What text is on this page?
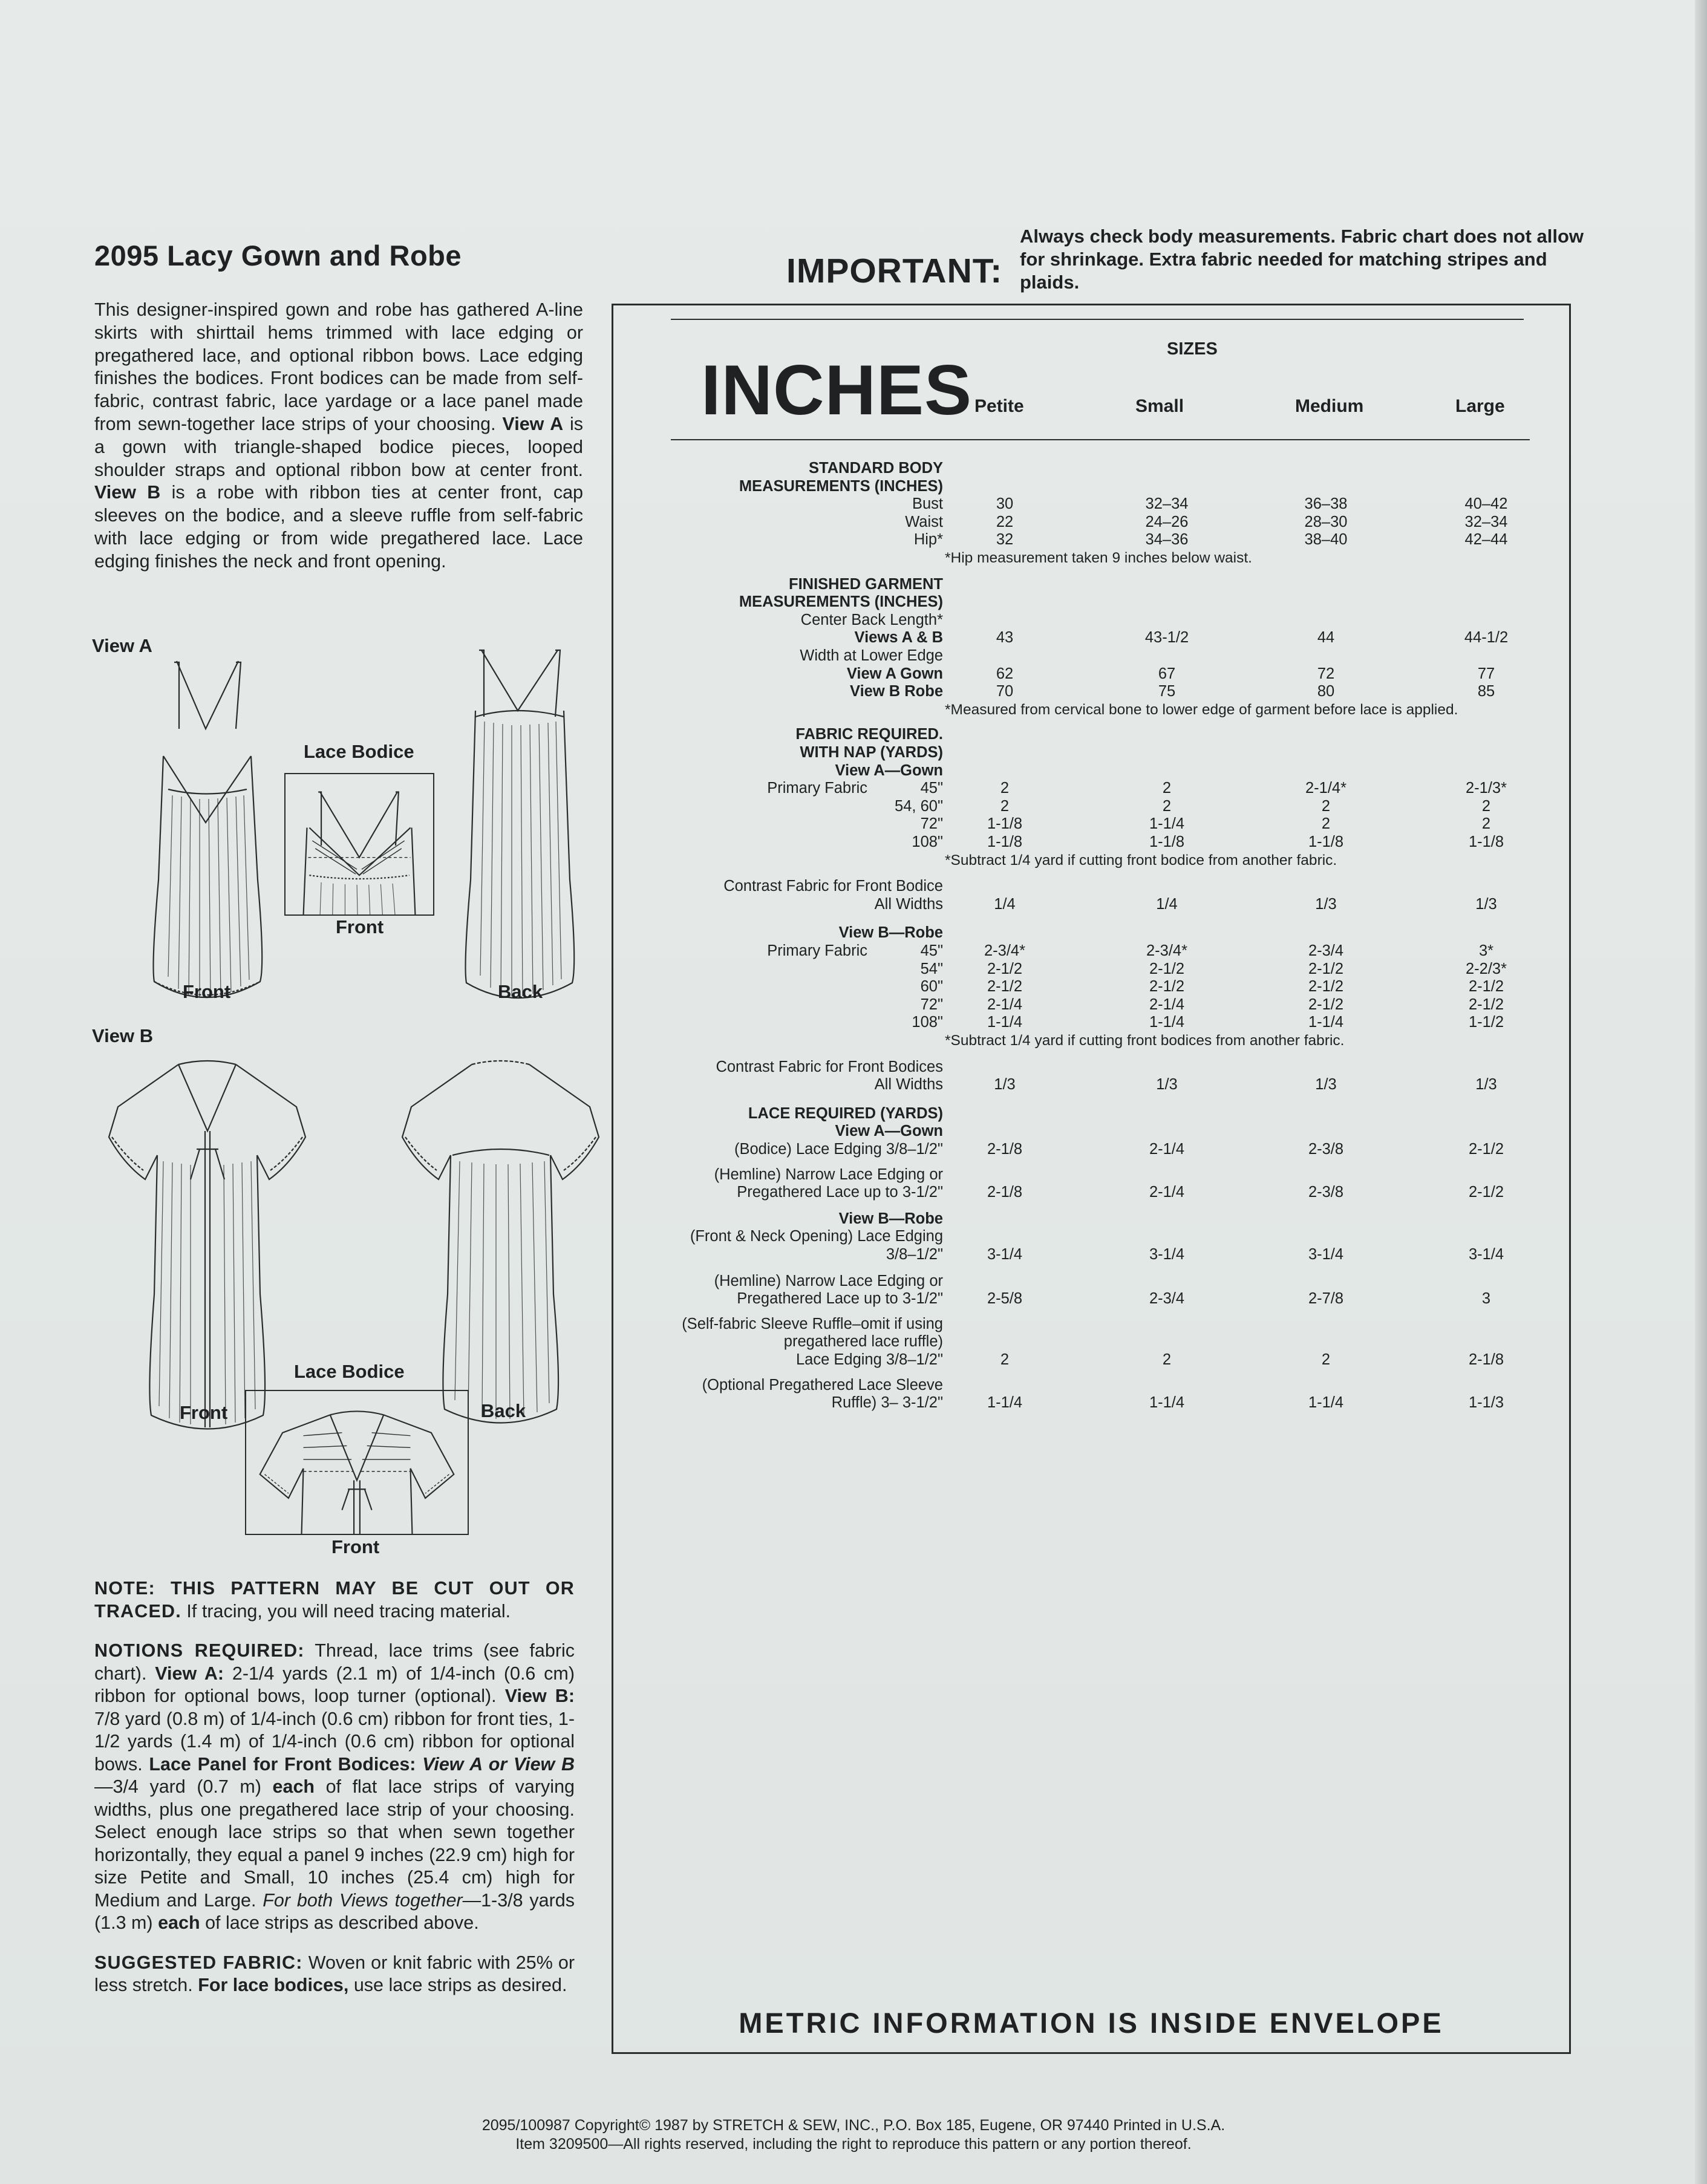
2095 Lacy Gown and Robe
This designer-inspired gown and robe has gathered A-line skirts with shirttail hems trimmed with lace edging or pregathered lace, and optional ribbon bows. Lace edging finishes the bodices. Front bodices can be made from self-fabric, contrast fabric, lace yardage or a lace panel made from sewn-together lace strips of your choosing. View A is a gown with triangle-shaped bodice pieces, looped shoulder straps and optional ribbon bow at center front. View B is a robe with ribbon ties at center front, cap sleeves on the bodice, and a sleeve ruffle from self-fabric with lace edging or from wide pregathered lace. Lace edging finishes the neck and front opening.
View A
Front
Lace Bodice
Front
Back
View B
Front	Back
Lace Bodice
Front

NOTE: THIS PATTERN MAY BE CUT OUT OR TRACED. If tracing, you will need tracing material.

NOTIONS REQUIRED: Thread, lace trims (see fabric chart). View A: 2-1/4 yards (2.1 m) of 1/4-inch (0.6 cm) ribbon for optional bows, loop turner (optional). View B: 7/8 yard (0.8 m) of 1/4-inch (0.6 cm) ribbon for front ties, 1-1/2 yards (1.4 m) of 1/4-inch (0.6 cm) ribbon for optional bows. Lace Panel for Front Bodices: View A or View B—3/4 yard (0.7 m) each of flat lace strips of varying widths, plus one pregathered lace strip of your choosing. Select enough lace strips so that when sewn together horizontally, they equal a panel 9 inches (22.9 cm) high for size Petite and Small, 10 inches (25.4 cm) high for Medium and Large. For both Views together—1-3/8 yards (1.3 m) each of lace strips as described above.

SUGGESTED FABRIC: Woven or knit fabric with 25% or less stretch. For lace bodices, use lace strips as desired.

IMPORTANT:
Always check body measurements. Fabric chart does not allow for shrinkage. Extra fabric needed for matching stripes and plaids.
INCHES
SIZES
Petite	Small	Medium	Large
STANDARD BODY
MEASUREMENTS (INCHES)
Bust	30	32–34	36–38	40–42
Waist	22	24–26	28–30	32–34
Hip*	32	34–36	38–40	42–44
*Hip measurement taken 9 inches below waist.
FINISHED GARMENT
MEASUREMENTS (INCHES)
Center Back Length*
Views A & B	43	43-1/2	44	44-1/2
Width at Lower Edge
View A Gown	62	67	72	77
View B Robe	70	75	80	85
*Measured from cervical bone to lower edge of garment before lace is applied.
FABRIC REQUIRED.
WITH NAP (YARDS)
View A—Gown
Primary Fabric	45"	2	2	2-1/4*	2-1/3*
54, 60"	2	2	2	2
72"	1-1/8	1-1/4	2	2
108"	1-1/8	1-1/8	1-1/8	1-1/8
*Subtract 1/4 yard if cutting front bodice from another fabric.
Contrast Fabric for Front Bodice
All Widths	1/4	1/4	1/3	1/3
View B—Robe
Primary Fabric	45"	2-3/4*	2-3/4*	2-3/4	3*
54"	2-1/2	2-1/2	2-1/2	2-2/3*
60"	2-1/2	2-1/2	2-1/2	2-1/2
72"	2-1/4	2-1/4	2-1/2	2-1/2
108"	1-1/4	1-1/4	1-1/4	1-1/2
*Subtract 1/4 yard if cutting front bodices from another fabric.
Contrast Fabric for Front Bodices
All Widths	1/3	1/3	1/3	1/3
LACE REQUIRED (YARDS)
View A—Gown
(Bodice) Lace Edging 3/8–1/2"	2-1/8	2-1/4	2-3/8	2-1/2
(Hemline) Narrow Lace Edging or
Pregathered Lace up to 3-1/2"	2-1/8	2-1/4	2-3/8	2-1/2
View B—Robe
(Front & Neck Opening) Lace Edging
3/8–1/2"	3-1/4	3-1/4	3-1/4	3-1/4
(Hemline) Narrow Lace Edging or
Pregathered Lace up to 3-1/2"	2-5/8	2-3/4	2-7/8	3
(Self-fabric Sleeve Ruffle–omit if using
pregathered lace ruffle)
Lace Edging 3/8–1/2"	2	2	2	2-1/8
(Optional Pregathered Lace Sleeve
Ruffle) 3– 3-1/2"	1-1/4	1-1/4	1-1/4	1-1/3
METRIC INFORMATION IS INSIDE ENVELOPE
2095/100987 Copyright© 1987 by STRETCH & SEW, INC., P.O. Box 185, Eugene, OR 97440 Printed in U.S.A.
Item 3209500—All rights reserved, including the right to reproduce this pattern or any portion thereof.
